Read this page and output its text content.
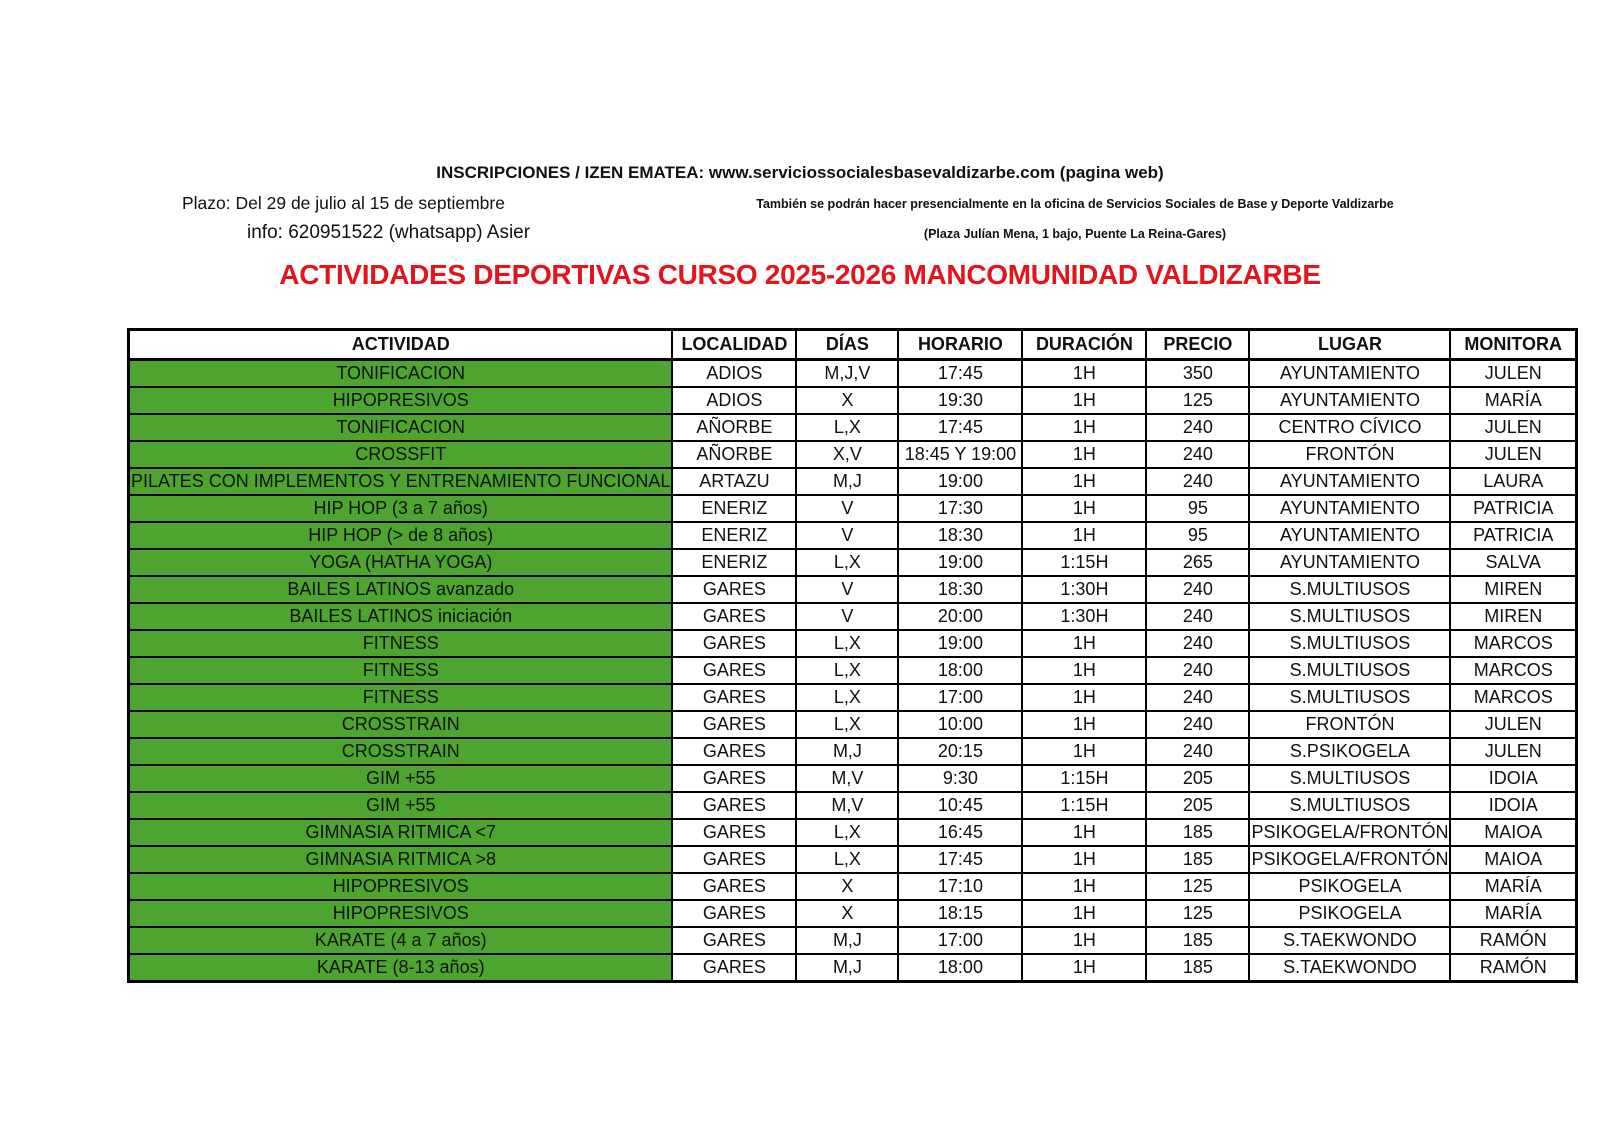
INSCRIPCIONES / IZEN EMATEA: www.serviciossocialesbasevaldizarbe.com (pagina web)
Plazo: Del 29 de julio al 15 de septiembre
info: 620951522 (whatsapp) Asier
También se podrán hacer presencialmente en la oficina de Servicios Sociales de Base y Deporte Valdizarbe
(Plaza Julían Mena, 1 bajo, Puente La Reina-Gares)
ACTIVIDADES DEPORTIVAS CURSO 2025-2026 MANCOMUNIDAD VALDIZARBE
ACTIVIDAD	LOCALIDAD	DÍAS	HORARIO	DURACIÓN	PRECIO	LUGAR	MONITORA
TONIFICACION	ADIOS	M,J,V	17:45	1H	350	AYUNTAMIENTO	JULEN
HIPOPRESIVOS	ADIOS	X	19:30	1H	125	AYUNTAMIENTO	MARÍA
TONIFICACION	AÑORBE	L,X	17:45	1H	240	CENTRO CÍVICO	JULEN
CROSSFIT	AÑORBE	X,V	18:45 Y 19:00	1H	240	FRONTÓN	JULEN
PILATES CON IMPLEMENTOS Y ENTRENAMIENTO FUNCIONAL	ARTAZU	M,J	19:00	1H	240	AYUNTAMIENTO	LAURA
HIP HOP (3 a 7 años)	ENERIZ	V	17:30	1H	95	AYUNTAMIENTO	PATRICIA
HIP HOP (> de 8 años)	ENERIZ	V	18:30	1H	95	AYUNTAMIENTO	PATRICIA
YOGA (HATHA YOGA)	ENERIZ	L,X	19:00	1:15H	265	AYUNTAMIENTO	SALVA
BAILES LATINOS avanzado	GARES	V	18:30	1:30H	240	S.MULTIUSOS	MIREN
BAILES LATINOS iniciación	GARES	V	20:00	1:30H	240	S.MULTIUSOS	MIREN
FITNESS	GARES	L,X	19:00	1H	240	S.MULTIUSOS	MARCOS
FITNESS	GARES	L,X	18:00	1H	240	S.MULTIUSOS	MARCOS
FITNESS	GARES	L,X	17:00	1H	240	S.MULTIUSOS	MARCOS
CROSSTRAIN	GARES	L,X	10:00	1H	240	FRONTÓN	JULEN
CROSSTRAIN	GARES	M,J	20:15	1H	240	S.PSIKOGELA	JULEN
GIM +55	GARES	M,V	9:30	1:15H	205	S.MULTIUSOS	IDOIA
GIM +55	GARES	M,V	10:45	1:15H	205	S.MULTIUSOS	IDOIA
GIMNASIA RITMICA <7	GARES	L,X	16:45	1H	185	PSIKOGELA/FRONTÓN	MAIOA
GIMNASIA RITMICA >8	GARES	L,X	17:45	1H	185	PSIKOGELA/FRONTÓN	MAIOA
HIPOPRESIVOS	GARES	X	17:10	1H	125	PSIKOGELA	MARÍA
HIPOPRESIVOS	GARES	X	18:15	1H	125	PSIKOGELA	MARÍA
KARATE (4 a 7 años)	GARES	M,J	17:00	1H	185	S.TAEKWONDO	RAMÓN
KARATE (8-13 años)	GARES	M,J	18:00	1H	185	S.TAEKWONDO	RAMÓN
